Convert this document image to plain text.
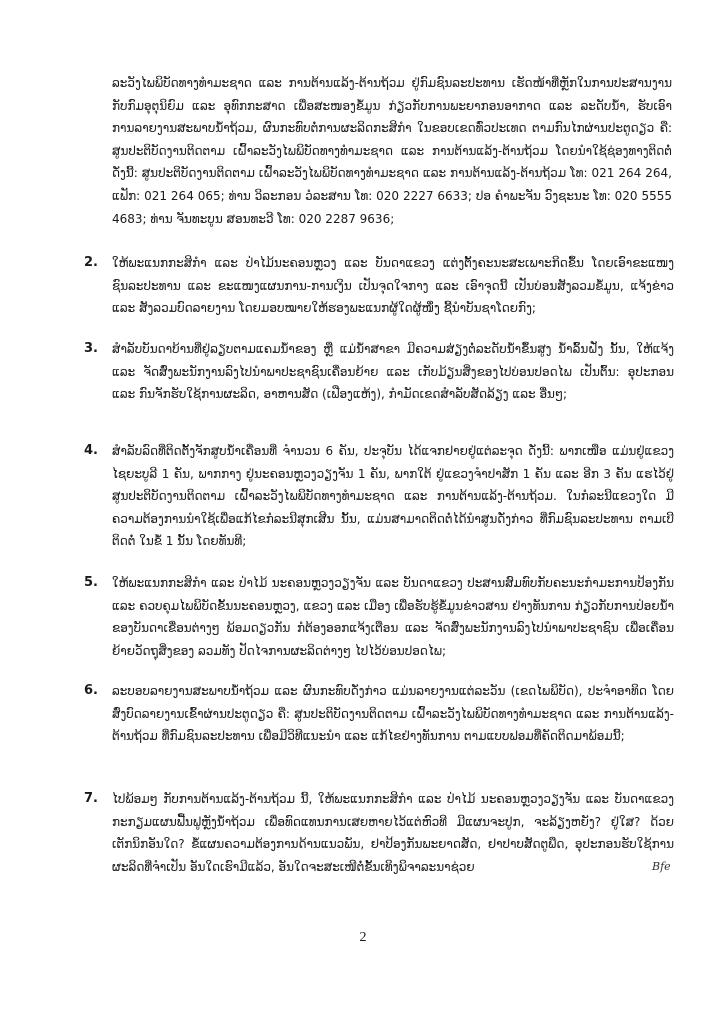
ລະວັງໄພພິບັດທາງທຳມະຊາດ ແລະ ການຕ້ານແລ້ງ-ຕ້ານຖ້ວມ ຢູ່ກົມຊົນລະປະທານ ເຮັດໜ້າທີ່ຫຼັກໃນການປະສານງານກັບກົມອຸຕຸນິຍົມ ແລະ ອຸທົກກະສາດ ເພື່ອສະໜອງຂໍ້ມູນ ກ່ຽວກັບການພະຍາກອນອາກາດ ແລະ ລະດັບນ້ຳ, ຮັບເອົາການລາຍງານສະພາບນ້ຳຖ້ວມ, ຜົນກະທົບຕໍ່ການຜະລິດກະສິກຳ ໃນຂອບເຂດທົ່ວປະເທດ ຕາມກົນໄກຜ່ານປະຕູດຽວ ຄື: ສູນປະຕິບັດງານຕິດຕາມ ເຝົ້າລະວັງໄພພິບັດທາງທຳມະຊາດ ແລະ ການຕ້ານແລ້ງ-ຕ້ານຖ້ວມ ໂດຍນຳໃຊ້ຊ່ອງທາງຕິດຕໍ່ ດັ່ງນີ້: ສູນປະຕິບັດງານຕິດຕາມ ເຝົ້າລະວັງໄພພິບັດທາງທຳມະຊາດ ແລະ ການຕ້ານແລ້ງ-ຕ້ານຖ້ວມ ໂທ: 021 264 264, ແຟັກ: 021 264 065; ທ່ານ ວິລະກອນ ວໍລະສານ ໂທ: 020 2227 6633; ປອ ຄຳພະຈັນ ວົງຊະນະ ໂທ: 020 5555 4683; ທ່ານ ຈັນທະບູນ ສອນທະວີ ໂທ: 020 2287 9636;

2.	ໃຫ້ພະແນກກະສິກຳ ແລະ ປ່າໄມ້ນະຄອນຫຼວງ ແລະ ບັນດາແຂວງ ແຕ່ງຕັ້ງຄະນະສະເພາະກິດຂຶ້ນ ໂດຍເອົາຂະແໜງຊົນລະປະທານ ແລະ ຂະແໜງແຜນການ-ການເງິນ ເປັນຈຸດໃຈກາງ ແລະ ເອົາຈຸດນີ້ ເປັນບ່ອນສັງລວມຂໍ້ມູນ, ແຈ້ງຂ່າວ ແລະ ສັງລວມບົດລາຍງານ ໂດຍມອບໝາຍໃຫ້ຮອງພະແນກຜູ້ໃດຜູ້ໜຶ່ງ ຊີ້ນຳບັນຊາໂດຍກົງ;
3.	ສຳລັບບັນດາບ້ານທີ່ຢູ່ລຽບຕາມແຄມນ້ຳຂອງ ຫຼື ແມ່ນ້ຳສາຂາ ມີຄວາມສ່ຽງຕໍ່ລະດັບນ້ຳຂຶ້ນສູງ ນ້ຳລົ້ນຝັ່ງ ນັ້ນ, ໃຫ້ແຈ້ງ ແລະ ຈັດສົ່ງພະນັກງານລົງໄປນຳພາປະຊາຊົນເຄື່ອນຍ້າຍ ແລະ ເກັບມ້ຽນສິ່ງຂອງໄປບ່ອນປອດໄພ ເປັນຕົ້ນ: ອຸປະກອນ ແລະ ກົນຈັກຮັບໃຊ້ການຜະລິດ, ອາຫານສັດ (ເຟືອງແຫ້ງ), ກຳມັດເຂດສຳລັບສັດລ້ຽງ ແລະ ອື່ນໆ;
4.	ສຳລັບລົດທີ່ຕິດຕັ້ງຈັກສູບນ້ຳເຄື່ອນທີ່ ຈຳນວນ 6 ຄັນ, ປະຈຸບັນ ໄດ້ແຈກຢາຍຢູ່ແຕ່ລະຈຸດ ດັ່ງນີ້: ພາກເໜືອ ແມ່ນຢູ່ແຂວງໄຊຍະບູລີ 1 ຄັນ, ພາກກາງ ຢູ່ນະຄອນຫຼວງວຽງຈັນ 1 ຄັນ, ພາກໃຕ້ ຢູ່ແຂວງຈຳປາສັກ 1 ຄັນ ແລະ ອີກ 3 ຄັນ ແຮໄວ້ຢູ່ສູນປະຕິບັດງານຕິດຕາມ ເຝົ້າລະວັງໄພພິບັດທາງທຳມະຊາດ ແລະ ການຕ້ານແລ້ງ-ຕ້ານຖ້ວມ. ໃນກໍລະນີແຂວງໃດ ມີຄວາມຕ້ອງການນຳໃຊ້ເພື່ອແກ້ໄຂກໍລະນີສຸກເສີນ ນັ້ນ, ແມ່ນສາມາດຕິດຕໍ່ໄດ້ນຳສູນດັ່ງກ່າວ ທີ່ກົມຊົນລະປະທານ ຕາມເບີຕິດຕໍ່ ໃນຂໍ້ 1 ນັ້ນ ໂດຍທັນທີ;
5.	ໃຫ້ພະແນກກະສິກຳ ແລະ ປ່າໄມ້ ນະຄອນຫຼວງວຽງຈັນ ແລະ ບັນດາແຂວງ ປະສານສົມທົບກັບຄະນະກຳມະການປ້ອງກັນ ແລະ ຄວບຄຸມໄພພິບັດຂັ້ນນະຄອນຫຼວງ, ແຂວງ ແລະ ເມືອງ ເພື່ອຮັບຮູ້ຂໍ້ມູນຂ່າວສານ ຢ່າງທັນການ ກ່ຽວກັບການປ່ອຍນ້ຳຂອງບັນດາເຂື່ອນຕ່າງໆ ພ້ອມດຽວກັນ ກໍຕ້ອງອອກແຈ້ງເຕືອນ ແລະ ຈັດສົ່ງພະນັກງານລົງໄປນຳພາປະຊາຊົນ ເພື່ອເຄື່ອນຍ້າຍວັດຖຸສິ່ງຂອງ ລວມທັງ ປັດໄຈການຜະລິດຕ່າງໆ ໄປໄວ້ບ່ອນປອດໄພ;
6.	ລະບອບລາຍງານສະພາບນ້ຳຖ້ວມ ແລະ ຜົນກະທົບດັ່ງກ່າວ ແມ່ນລາຍງານແຕ່ລະວັນ (ເຂດໄພພິບັດ), ປະຈຳອາທິດ ໂດຍສົ່ງບົດລາຍງານເຂົ້າຜ່ານປະຕູດຽວ ຄື: ສູນປະຕິບັດງານຕິດຕາມ ເຝົ້າລະວັງໄພພິບັດທາງທຳມະຊາດ ແລະ ການຕ້ານແລ້ງ-ຕ້ານຖ້ວມ ທີ່ກົມຊົນລະປະທານ ເພື່ອມີວິທີແນະນຳ ແລະ ແກ້ໄຂຢ່າງທັນການ ຕາມແບບຟອມທີ່ຄັດຕິດມາພ້ອມນີ້;
7.	ໄປພ້ອມໆ ກັບການຕ້ານແລ້ງ-ຕ້ານຖ້ວມ ນີ້, ໃຫ້ພະແນກກະສິກຳ ແລະ ປ່າໄມ້ ນະຄອນຫຼວງວຽງຈັນ ແລະ ບັນດາແຂວງ ກະກຽມແຜນຟື້ນຟູຫຼັງນ້ຳຖ້ວມ ເພື່ອທົດແທນການເສຍຫາຍໄວ້ແຕ່ຫົວທີ ມີແຜນຈະປູກ, ຈະລ້ຽງຫຍັງ? ຢູ່ໃສ? ດ້ວຍເຕັກນິກອັນໃດ? ຂໍ້ແຜນຄວາມຕ້ອງການດ້ານແນວພັນ, ຢາປ້ອງກັນພະຍາດສັດ, ຢາປາບສັດຕູພືດ, ອຸປະກອນຮັບໃຊ້ການຜະລິດທີ່ຈຳເປັນ ອັນໃດເຮົາມີແລ້ວ, ອັນໃດຈະສະເໜີຕໍ່ຂັ້ນເທິງພິຈາລະນາຊ່ວຍ	Bfe
2
